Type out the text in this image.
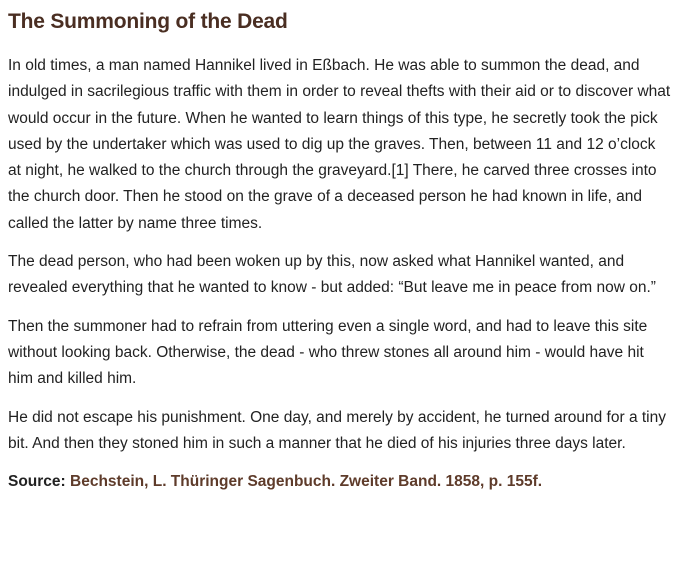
The Summoning of the Dead

In old times, a man named Hannikel lived in Eßbach. He was able to summon the dead, and indulged in sacrilegious traffic with them in order to reveal thefts with their aid or to discover what would occur in the future. When he wanted to learn things of this type, he secretly took the pick used by the undertaker which was used to dig up the graves. Then, between 11 and 12 o’clock at night, he walked to the church through the graveyard.[1] There, he carved three crosses into the church door. Then he stood on the grave of a deceased person he had known in life, and called the latter by name three times.

The dead person, who had been woken up by this, now asked what Hannikel wanted, and revealed everything that he wanted to know - but added: “But leave me in peace from now on.”

Then the summoner had to refrain from uttering even a single word, and had to leave this site without looking back. Otherwise, the dead - who threw stones all around him - would have hit him and killed him.

He did not escape his punishment. One day, and merely by accident, he turned around for a tiny bit. And then they stoned him in such a manner that he died of his injuries three days later.

Source: Bechstein, L. Thüringer Sagenbuch. Zweiter Band. 1858, p. 155f.
